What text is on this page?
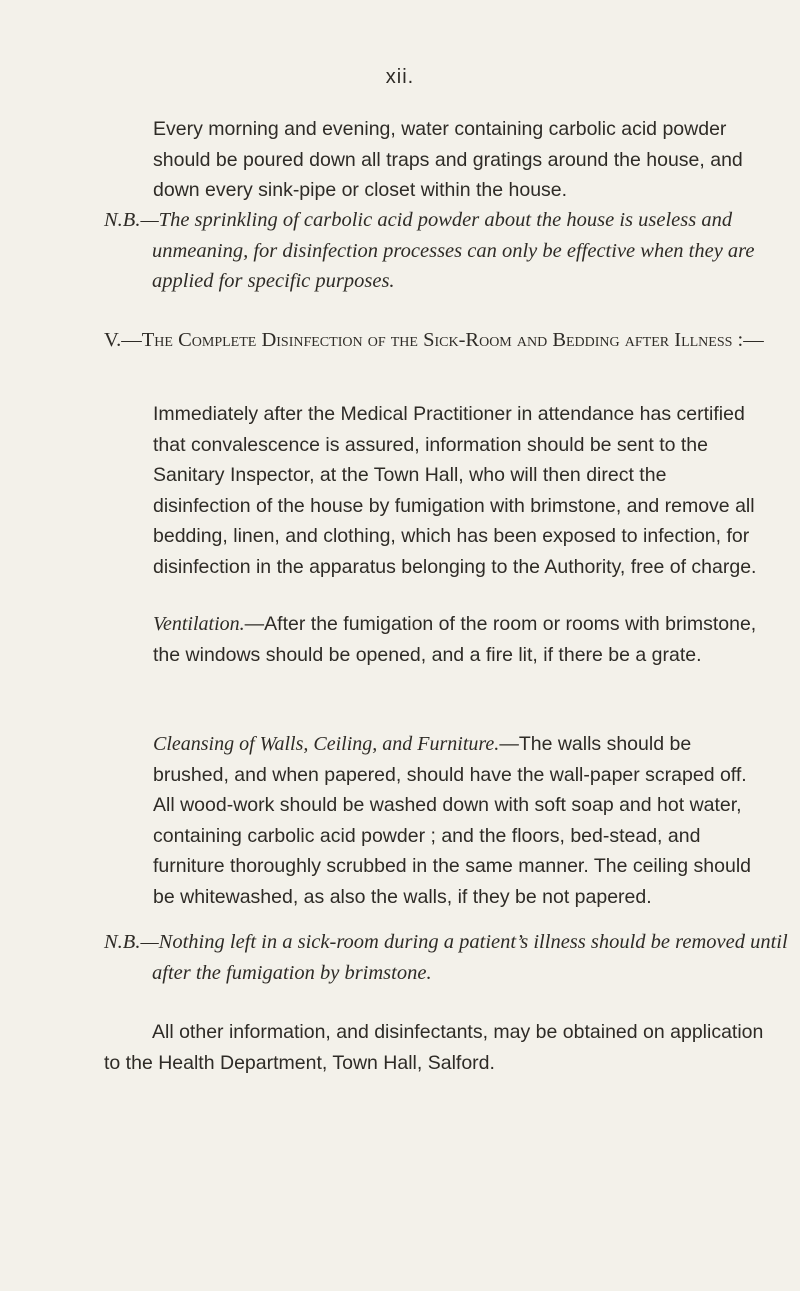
xii.

Every morning and evening, water containing carbolic acid powder should be poured down all traps and gratings around the house, and down every sink-pipe or closet within the house.

N.B.—The sprinkling of carbolic acid powder about the house is useless and unmeaning, for disinfection processes can only be effective when they are applied for specific purposes.

V.—The Complete Disinfection of the Sick-Room and Bedding after Illness :—

Immediately after the Medical Practitioner in attendance has certified that convalescence is assured, information should be sent to the Sanitary Inspector, at the Town Hall, who will then direct the disinfection of the house by fumigation with brimstone, and remove all bedding, linen, and clothing, which has been exposed to infection, for disinfection in the apparatus belonging to the Authority, free of charge.

Ventilation.—After the fumigation of the room or rooms with brimstone, the windows should be opened, and a fire lit, if there be a grate.

Cleansing of Walls, Ceiling, and Furniture.—The walls should be brushed, and when papered, should have the wall-paper scraped off. All wood-work should be washed down with soft soap and hot water, containing carbolic acid powder ; and the floors, bed-stead, and furniture thoroughly scrubbed in the same manner. The ceiling should be whitewashed, as also the walls, if they be not papered.

N.B.—Nothing left in a sick-room during a patient’s illness should be removed until after the fumigation by brimstone.

All other information, and disinfectants, may be obtained on application to the Health Department, Town Hall, Salford.
